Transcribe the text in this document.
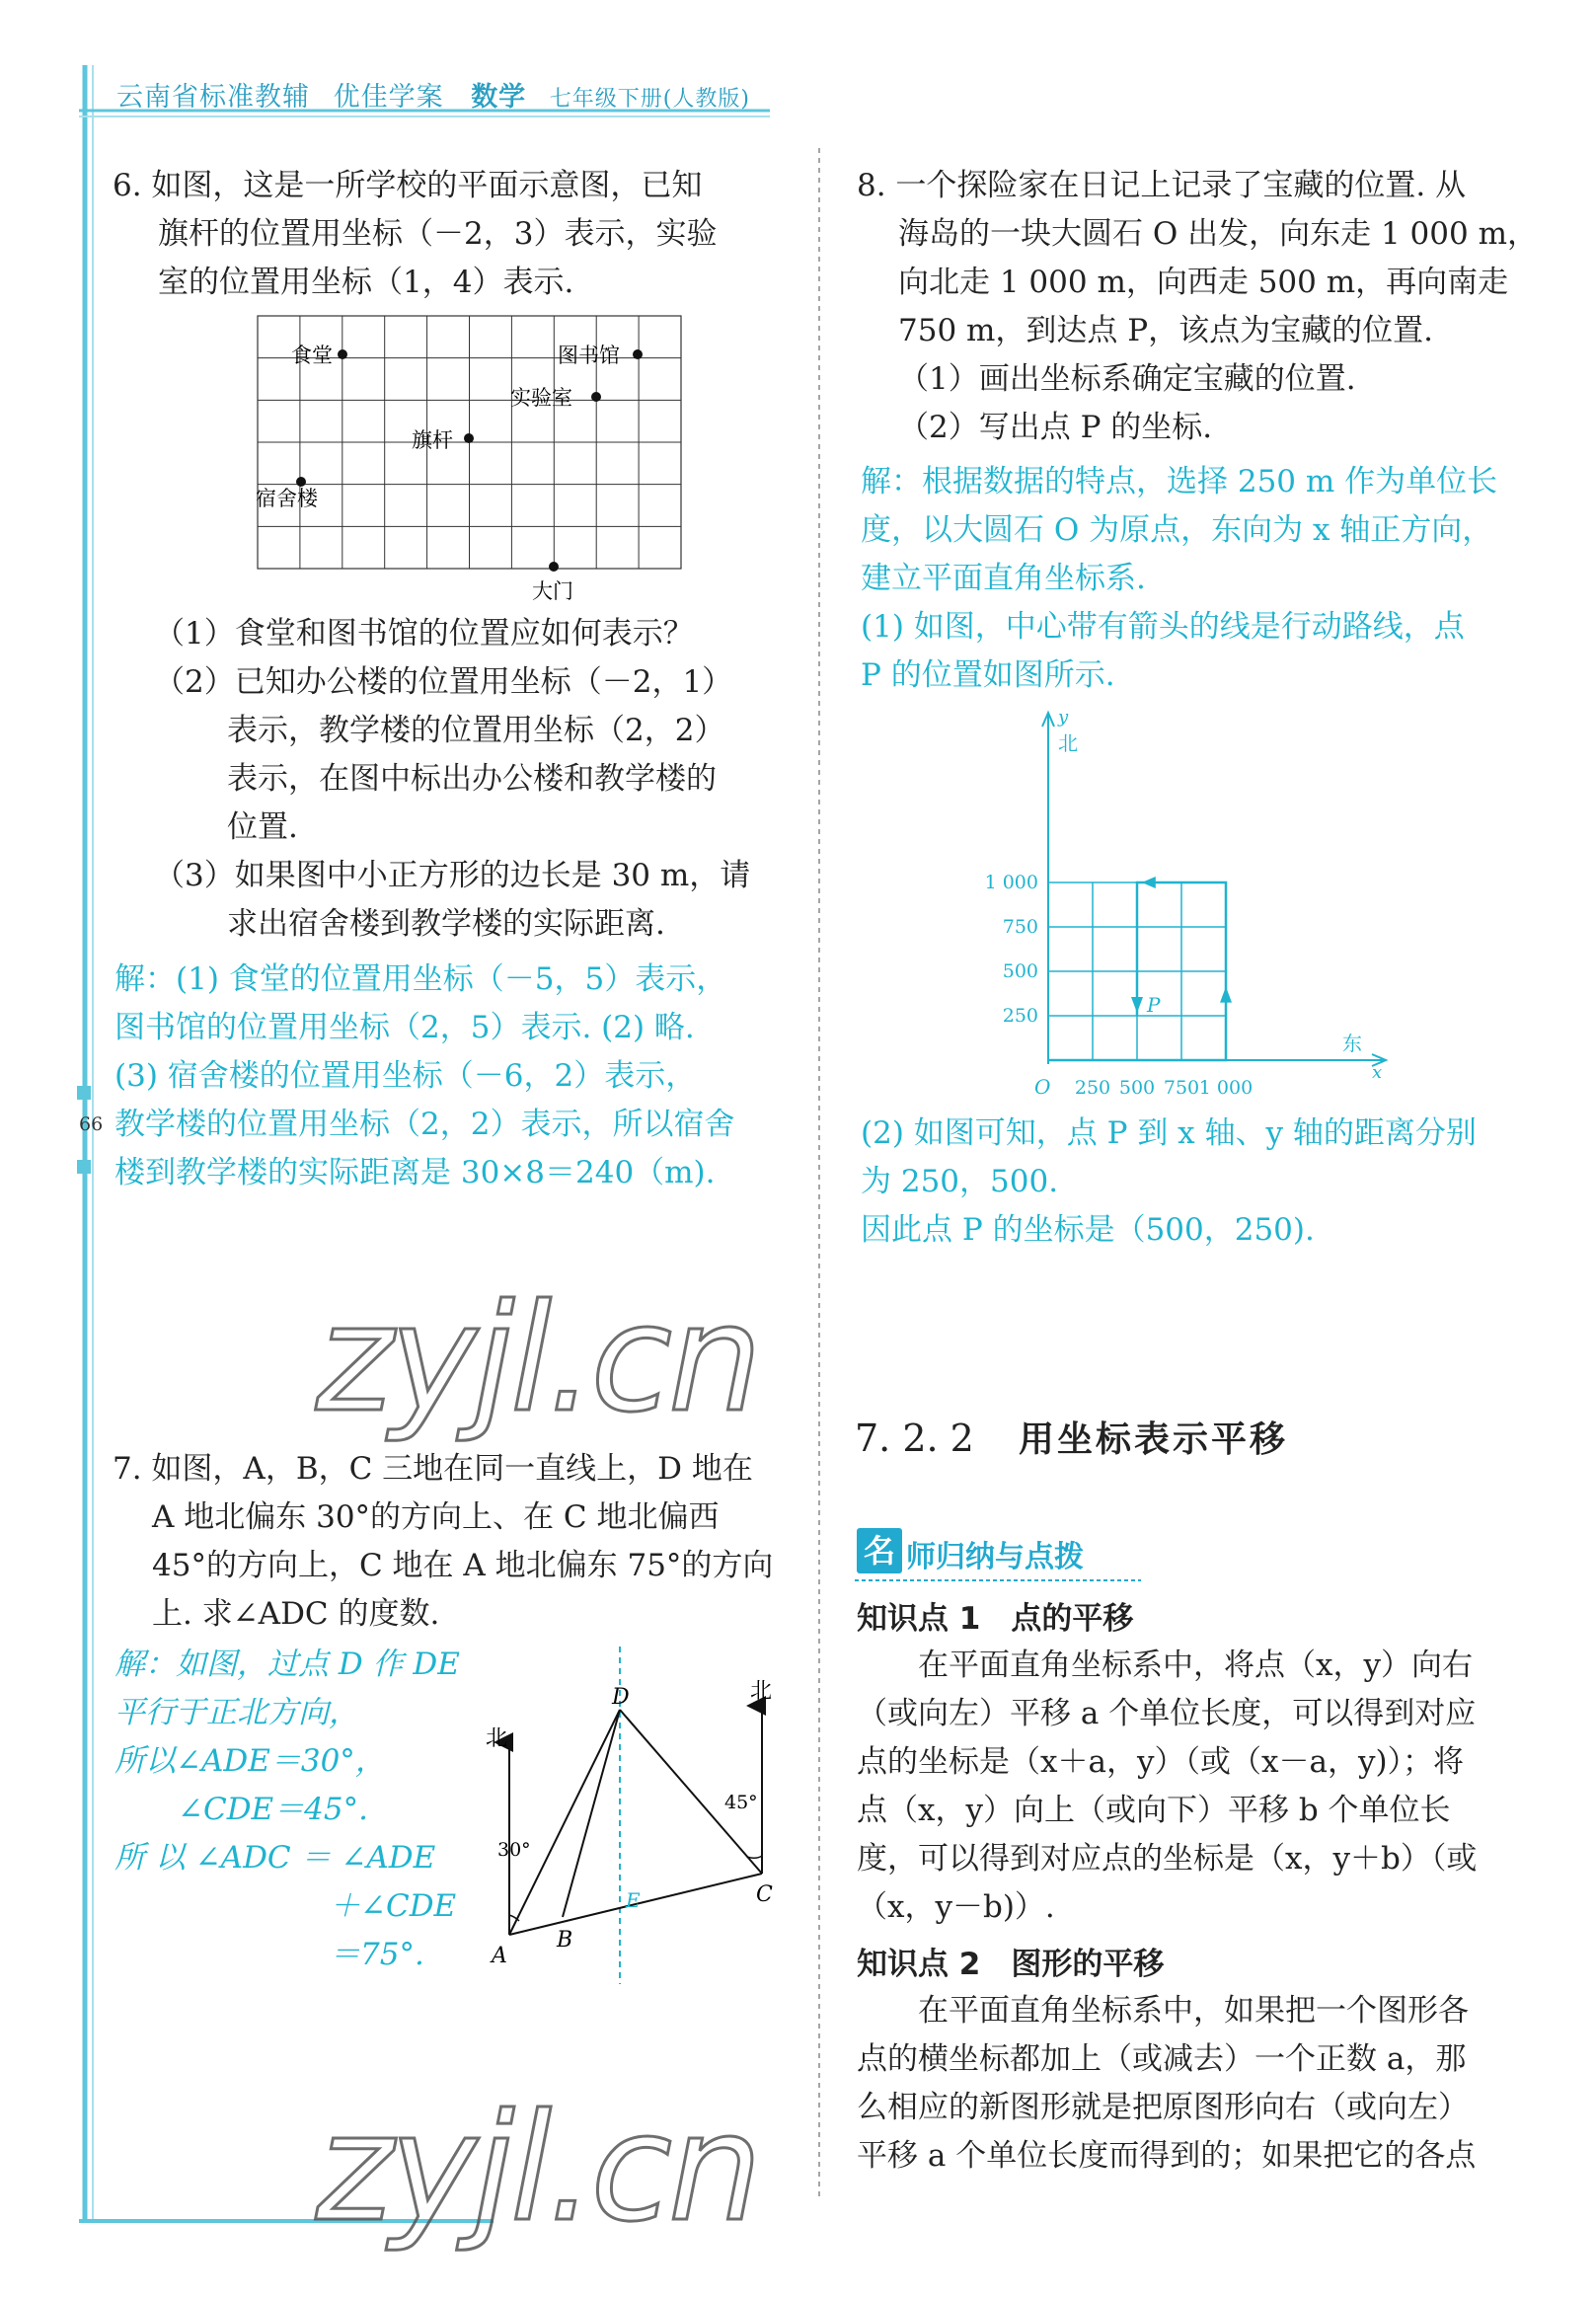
云南省标准教辅 优佳学案 数学 七年级下册(人教版)
66
6. 如图，这是一所学校的平面示意图，已知
旗杆的位置用坐标（－2，3）表示，实验
室的位置用坐标（1，4）表示.
食堂	图书馆
实验室
旗杆
宿舍楼
大门
（1）食堂和图书馆的位置应如何表示？
（2）已知办公楼的位置用坐标（－2，1）
表示，教学楼的位置用坐标（2，2）
表示，在图中标出办公楼和教学楼的
位置.
（3）如果图中小正方形的边长是 30 m，请
求出宿舍楼到教学楼的实际距离.
解：(1) 食堂的位置用坐标（－5，5）表示，
图书馆的位置用坐标（2，5）表示. (2) 略.
(3) 宿舍楼的位置用坐标（－6，2）表示，
教学楼的位置用坐标（2，2）表示，所以宿舍
楼到教学楼的实际距离是 30×8＝240（m).
zyjl.cn
7. 如图，A，B，C 三地在同一直线上，D 地在
A 地北偏东 30°的方向上、在 C 地北偏西
45°的方向上，C 地在 A 地北偏东 75°的方向
上. 求∠ADC 的度数.
解：如图，过点 D 作 DE
平行于正北方向，
所以∠ADE＝30°，
∠CDE＝45°.
所 以 ∠ADC ＝ ∠ADE
＋∠CDE
＝75°.
北
北
D
A
B
C
E
30°
45°
zyjl.cn
8. 一个探险家在日记上记录了宝藏的位置. 从
海岛的一块大圆石 O 出发，向东走 1 000 m，
向北走 1 000 m，向西走 500 m，再向南走
750 m，到达点 P，该点为宝藏的位置.
（1）画出坐标系确定宝藏的位置.
（2）写出点 P 的坐标.
解：根据数据的特点，选择 250 m 作为单位长
度，以大圆石 O 为原点，东向为 x 轴正方向，
建立平面直角坐标系.
(1) 如图，中心带有箭头的线是行动路线，点
P 的位置如图所示.
y
北
东
x
O
1 000
750
500
250
250 500 750 1 000
P
(2) 如图可知，点 P 到 x 轴、y 轴的距离分别
为 250，500.
因此点 P 的坐标是（500，250).
7. 2. 2 用坐标表示平移
名 师归纳与点拨
知识点 1　点的平移
在平面直角坐标系中，将点（x，y）向右
（或向左）平移 a 个单位长度，可以得到对应
点的坐标是（x＋a，y）（或（x－a，y)）；将
点（x，y）向上（或向下）平移 b 个单位长
度，可以得到对应点的坐标是（x，y＋b）（或
（x，y－b)）.
知识点 2　图形的平移
在平面直角坐标系中，如果把一个图形各
点的横坐标都加上（或减去）一个正数 a，那
么相应的新图形就是把原图形向右（或向左）
平移 a 个单位长度而得到的；如果把它的各点
